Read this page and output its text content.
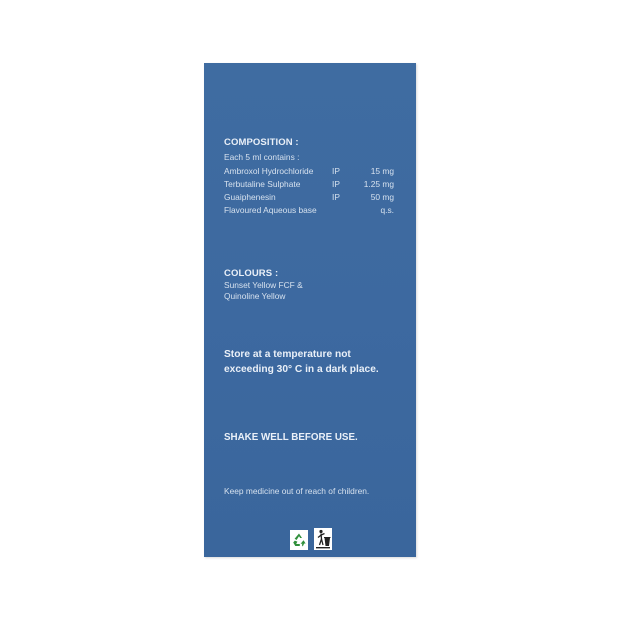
COMPOSITION :
Each 5 ml contains :
Ambroxol Hydrochloride IP	15 mg
Terbutaline Sulphate	IP	1.25 mg
Guaiphenesin	IP	50 mg
Flavoured Aqueous base	q.s.
COLOURS :
Sunset Yellow FCF &
Quinoline Yellow
Store at a temperature not
exceeding 30° C in a dark place.
SHAKE WELL BEFORE USE.
Keep medicine out of reach of children.
